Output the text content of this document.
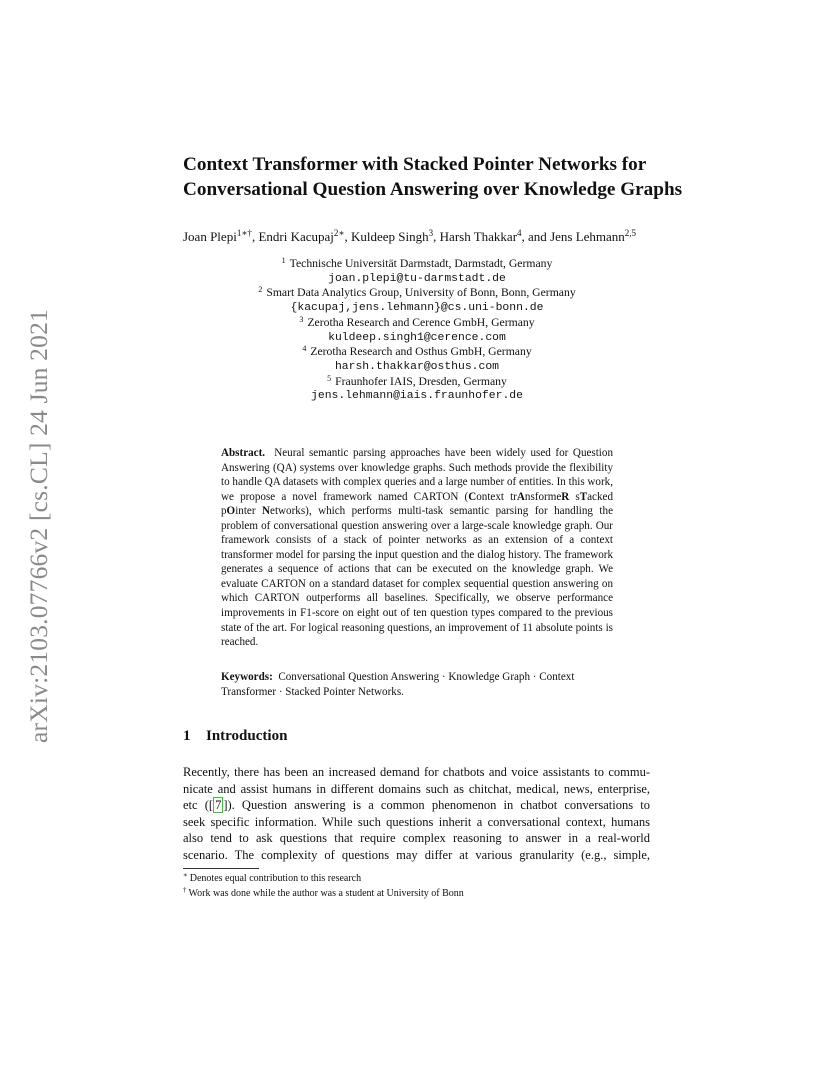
arXiv:2103.07766v2 [cs.CL] 24 Jun 2021
Context Transformer with Stacked Pointer Networks for
Conversational Question Answering over Knowledge Graphs
Joan Plepi$^{1∗\dagger}$, Endri Kacupaj$^{2∗}$, Kuldeep Singh$^3$, Harsh Thakkar$^4$, and Jens Lehmann$^{2,5}$
$^1$ Technische Universität Darmstadt, Darmstadt, Germany
joan.plepi@tu-darmstadt.de
$^2$ Smart Data Analytics Group, University of Bonn, Bonn, Germany
{kacupaj,jens.lehmann}@cs.uni-bonn.de
$^3$ Zerotha Research and Cerence GmbH, Germany
kuldeep.singh1@cerence.com
$^4$ Zerotha Research and Osthus GmbH, Germany
harsh.thakkar@osthus.com
$^5$ Fraunhofer IAIS, Dresden, Germany
jens.lehmann@iais.fraunhofer.de
Abstract. Neural semantic parsing approaches have been widely used for Question Answering (QA) systems over knowledge graphs. Such methods provide the flexibility to handle QA datasets with complex queries and a large number of entities. In this work, we propose a novel framework named CARTON (Context trAnsformeR sTacked pOinter Networks), which performs multi-task semantic parsing for handling the problem of conversational question answering over a large-scale knowledge graph. Our framework consists of a stack of pointer networks as an extension of a context transformer model for parsing the input question and the dialog history. The framework generates a sequence of actions that can be executed on the knowledge graph. We evaluate CARTON on a standard dataset for complex sequential question answering on which CARTON outperforms all baselines. Specifically, we observe performance improvements in F1-score on eight out of ten question types compared to the previous state of the art. For logical reasoning questions, an improvement of 11 absolute points is reached.
Keywords: Conversational Question Answering · Knowledge Graph · Context Transformer · Stacked Pointer Networks.
1 Introduction
Recently, there has been an increased demand for chatbots and voice assistants to commu-
nicate and assist humans in different domains such as chitchat, medical, news, enterprise,
etc ([ 7 ]). Question answering is a common phenomenon in chatbot conversations to
seek specific information. While such questions inherit a conversational context, humans
also tend to ask questions that require complex reasoning to answer in a real-world
scenario. The complexity of questions may differ at various granularity (e.g., simple,
∗ Denotes equal contribution to this research
† Work was done while the author was a student at University of Bonn
